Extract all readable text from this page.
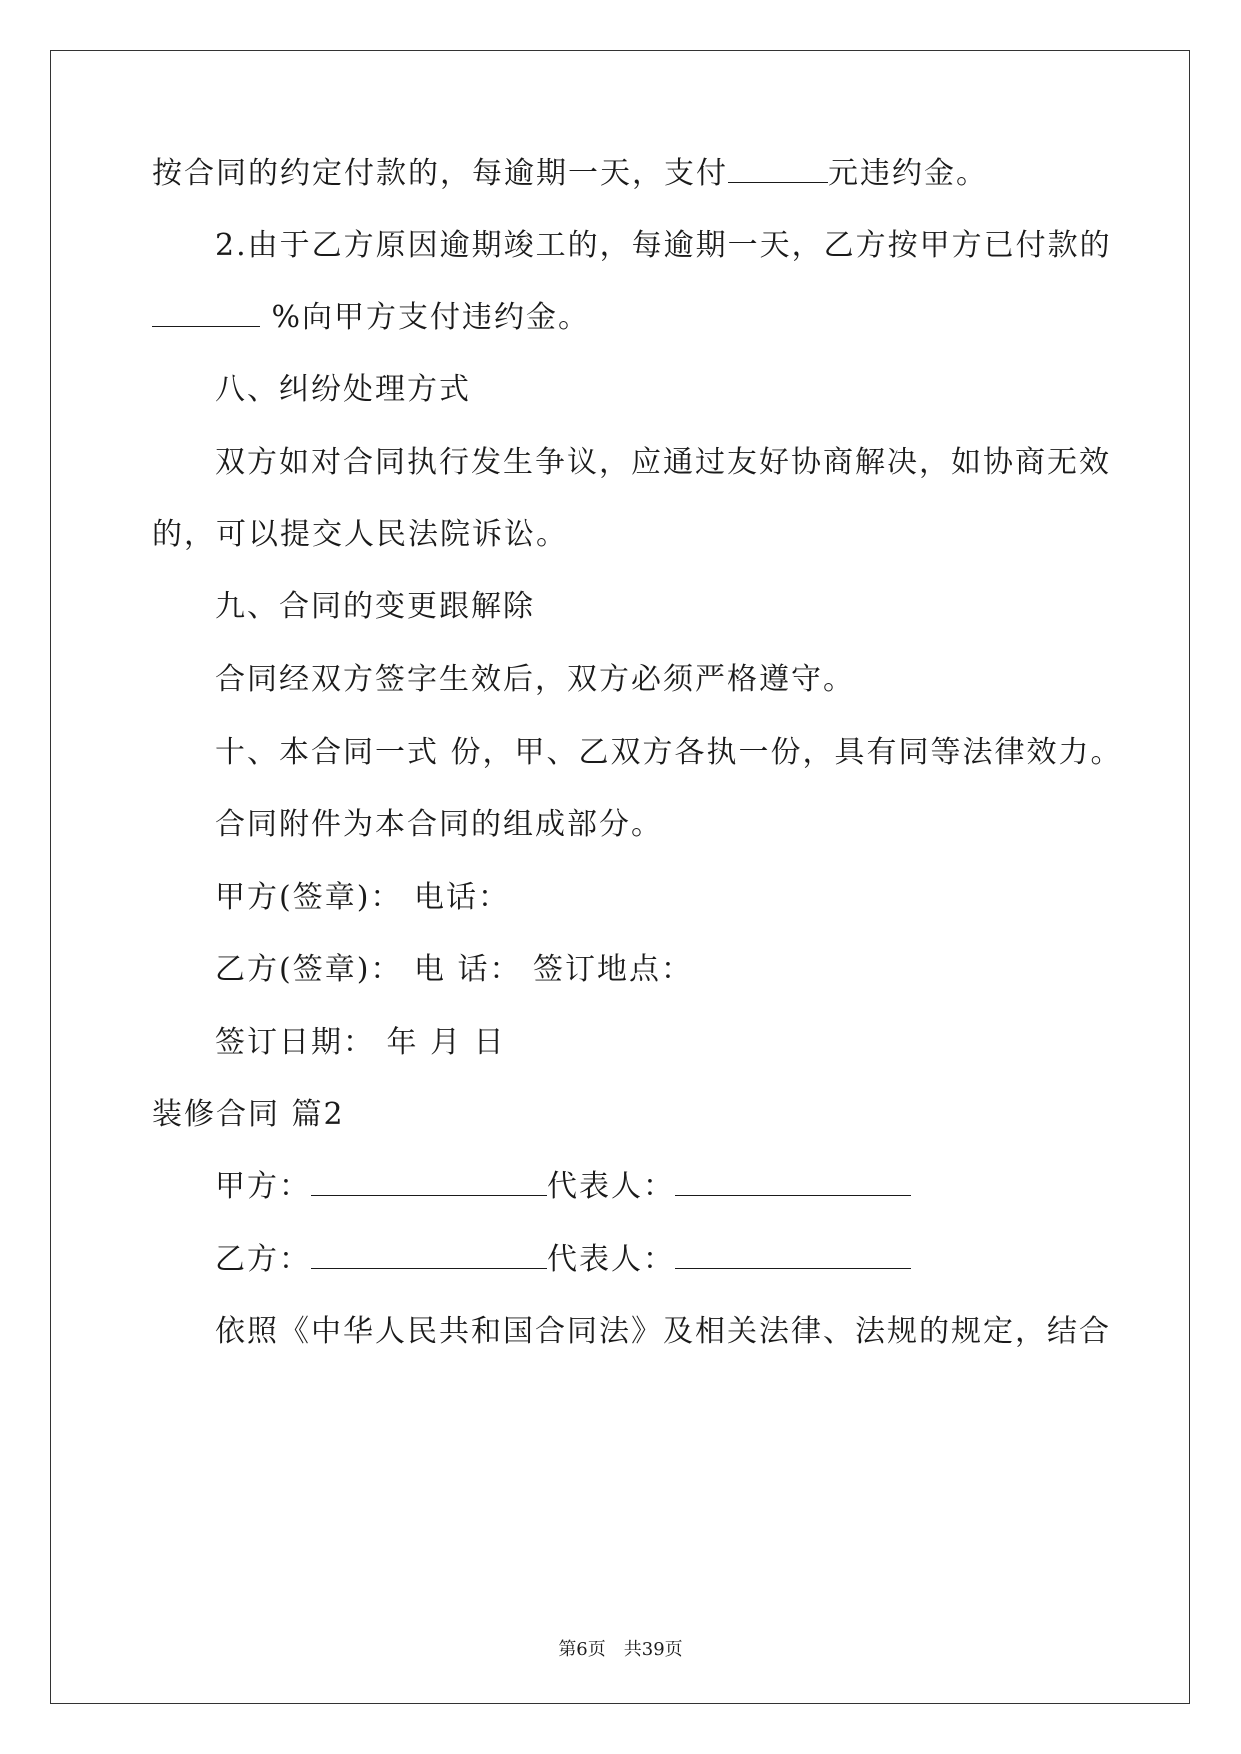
按合同的约定付款的，每逾期一天，支付	元违约金。
2.由于乙方原因逾期竣工的，每逾期一天，乙方按甲方已付款的
%向甲方支付违约金。
八、纠纷处理方式
双方如对合同执行发生争议，应通过友好协商解决，如协商无效
的，可以提交人民法院诉讼。
九、合同的变更跟解除
合同经双方签字生效后，双方必须严格遵守。
十、本合同一式 份，甲、乙双方各执一份，具有同等法律效力。
合同附件为本合同的组成部分。
甲方(签章)： 电话：
乙方(签章)： 电 话： 签订地点：
签订日期： 年 月 日
装修合同 篇2
甲方：	代表人：
乙方：	代表人：
依照《中华人民共和国合同法》及相关法律、法规的规定，结合
第6页　共39页
